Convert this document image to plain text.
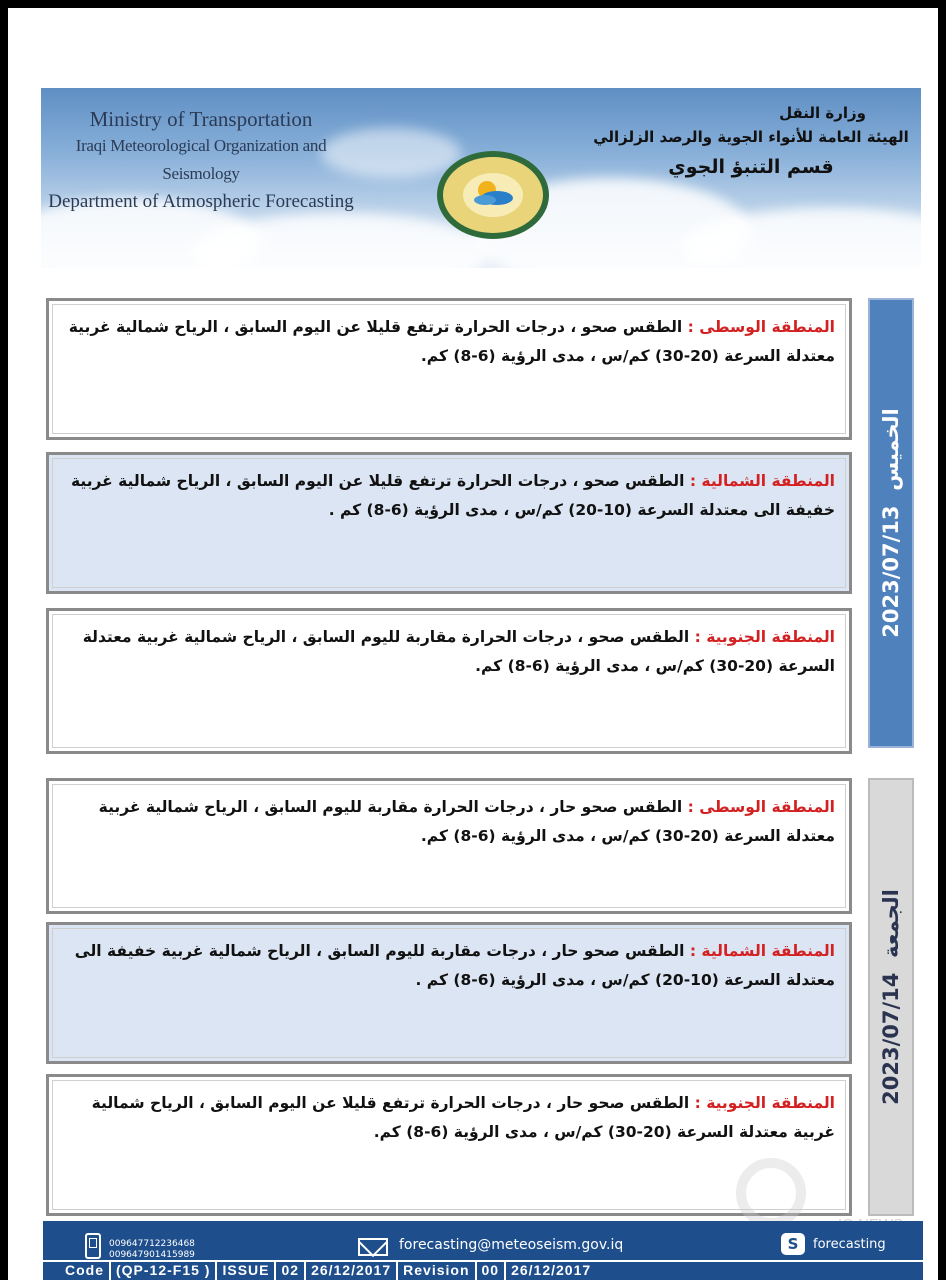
Ministry of Transportation
Iraqi Meteorological Organization and Seismology
Department of Atmospheric Forecasting
وزارة النقل
الهيئة العامة للأنواء الجوية والرصد الزلزالي
قسم التنبؤ الجوي
المنطقة الوسطى : الطقس صحو ، درجات الحرارة ترتفع قليلا عن اليوم السابق ، الرياح شمالية غربية معتدلة السرعة (20-30) كم/س ، مدى الرؤية (6-8) كم.
المنطقة الشمالية : الطقس صحو ، درجات الحرارة ترتفع قليلا عن اليوم السابق ، الرياح شمالية غربية خفيفة الى معتدلة السرعة (10-20) كم/س ، مدى الرؤية (6-8) كم .
المنطقة الجنوبية : الطقس صحو ، درجات الحرارة مقاربة لليوم السابق ، الرياح شمالية غربية معتدلة السرعة (20-30) كم/س ، مدى الرؤية (6-8) كم.
2023/07/13  الخميس
المنطقة الوسطى : الطقس صحو حار ، درجات الحرارة مقاربة لليوم السابق ، الرياح شمالية غربية معتدلة السرعة (20-30) كم/س ، مدى الرؤية (6-8) كم.
المنطقة الشمالية : الطقس صحو حار ، درجات مقاربة لليوم السابق ، الرياح شمالية غربية خفيفة الى معتدلة السرعة (10-20) كم/س ، مدى الرؤية (6-8) كم .
المنطقة الجنوبية : الطقس صحو حار ، درجات الحرارة ترتفع قليلا عن اليوم السابق ، الرياح شمالية غربية معتدلة السرعة (20-30) كم/س ، مدى الرؤية (6-8) كم.
2023/07/14  الجمعة
009647712236468
009647901415989
forecasting@meteoseism.gov.iq	S	forecasting
Code (QP-12-F15 ) ISSUE 02 26/12/2017 Revision 00 26/12/2017
